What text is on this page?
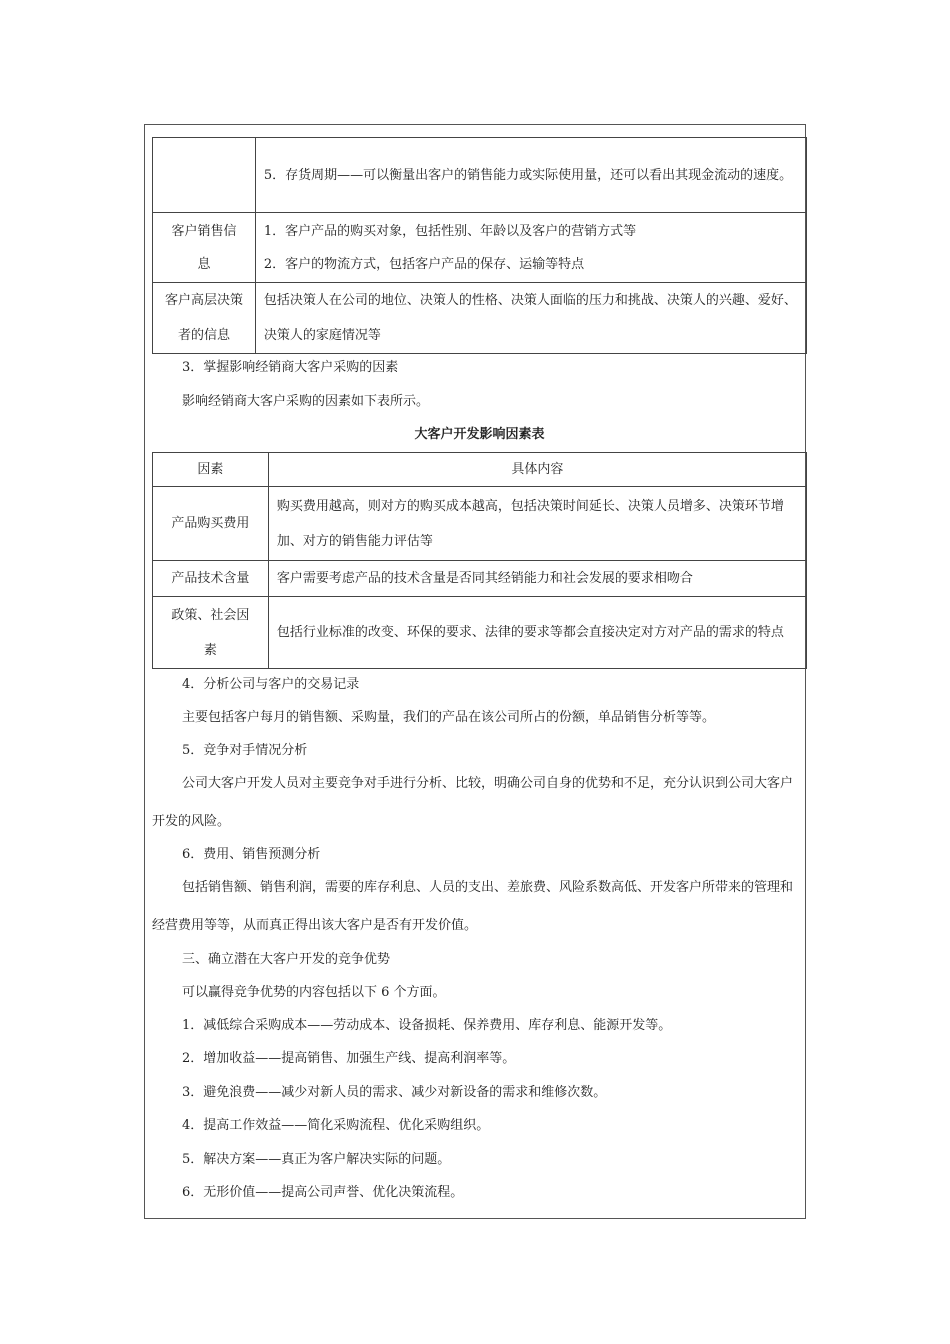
	5．存货周期——可以衡量出客户的销售能力或实际使用量，还可以看出其现金流动的速度。
客户销售信息	1．客户产品的购买对象，包括性别、年龄以及客户的营销方式等
2．客户的物流方式，包括客户产品的保存、运输等特点

客户高层决策者的信息	包括决策人在公司的地位、决策人的性格、决策人面临的压力和挑战、决策人的兴趣、爱好、决策人的家庭情况等
3．掌握影响经销商大客户采购的因素
影响经销商大客户采购的因素如下表所示。
大客户开发影响因素表
因素	具体内容
产品购买费用	购买费用越高，则对方的购买成本越高，包括决策时间延长、决策人员增多、决策环节增加、对方的销售能力评估等
产品技术含量	客户需要考虑产品的技术含量是否同其经销能力和社会发展的要求相吻合
政策、社会因素	包括行业标准的改变、环保的要求、法律的要求等都会直接决定对方对产品的需求的特点
4．分析公司与客户的交易记录
主要包括客户每月的销售额、采购量，我们的产品在该公司所占的份额，单品销售分析等等。
5．竞争对手情况分析
公司大客户开发人员对主要竞争对手进行分析、比较，明确公司自身的优势和不足，充分认识到公司大客户开发的风险。
6．费用、销售预测分析
包括销售额、销售利润，需要的库存利息、人员的支出、差旅费、风险系数高低、开发客户所带来的管理和经营费用等等，从而真正得出该大客户是否有开发价值。
三、确立潜在大客户开发的竞争优势
可以赢得竞争优势的内容包括以下 6 个方面。
1．减低综合采购成本——劳动成本、设备损耗、保养费用、库存利息、能源开发等。
2．增加收益——提高销售、加强生产线、提高利润率等。
3．避免浪费——减少对新人员的需求、减少对新设备的需求和维修次数。
4．提高工作效益——简化采购流程、优化采购组织。
5．解决方案——真正为客户解决实际的问题。
6．无形价值——提高公司声誉、优化决策流程。
